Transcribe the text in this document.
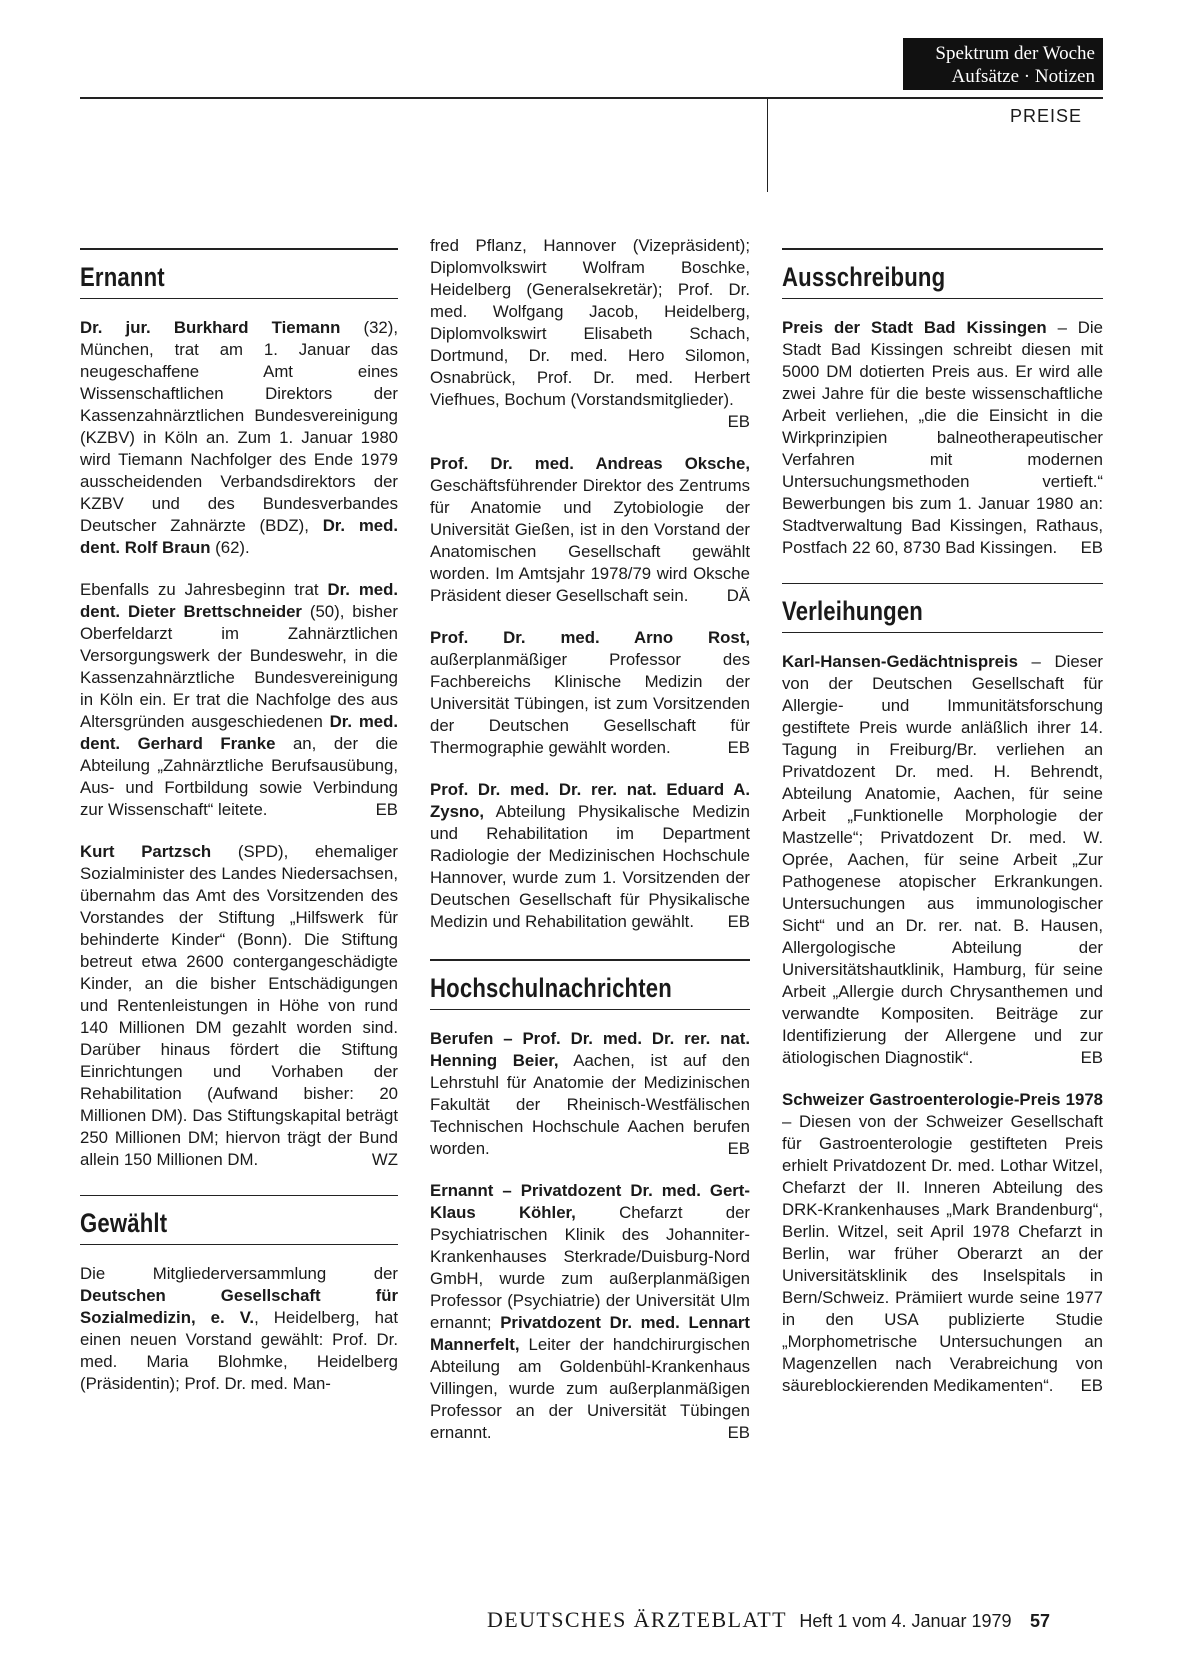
Spektrum der Woche
Aufsätze · Notizen
PREISE
Ernannt

Dr. jur. Burkhard Tiemann (32), München, trat am 1. Januar das neugeschaffene Amt eines Wissenschaftlichen Direktors der Kassenzahnärztlichen Bundesvereinigung (KZBV) in Köln an. Zum 1. Januar 1980 wird Tiemann Nachfolger des Ende 1979 ausscheidenden Verbandsdirektors der KZBV und des Bundesverbandes Deutscher Zahnärzte (BDZ), Dr. med. dent. Rolf Braun (62).

Ebenfalls zu Jahresbeginn trat Dr. med. dent. Dieter Brettschneider (50), bisher Oberfeldarzt im Zahnärztlichen Versorgungswerk der Bundeswehr, in die Kassenzahnärztliche Bundesvereinigung in Köln ein. Er trat die Nachfolge des aus Altersgründen ausgeschiedenen Dr. med. dent. Gerhard Franke an, der die Abteilung „Zahnärztliche Berufsausübung, Aus- und Fortbildung sowie Verbindung zur Wissenschaft“ leitete.	EB

Kurt Partzsch (SPD), ehemaliger Sozialminister des Landes Niedersachsen, übernahm das Amt des Vorsitzenden des Vorstandes der Stiftung „Hilfswerk für behinderte Kinder“ (Bonn). Die Stiftung betreut etwa 2600 contergangeschädigte Kinder, an die bisher Entschädigungen und Rentenleistungen in Höhe von rund 140 Millionen DM gezahlt worden sind. Darüber hinaus fördert die Stiftung Einrichtungen und Vorhaben der Rehabilitation (Aufwand bisher: 20 Millionen DM). Das Stiftungskapital beträgt 250 Millionen DM; hiervon trägt der Bund allein 150 Millionen DM.	WZ

Gewählt

Die Mitgliederversammlung der Deutschen Gesellschaft für Sozialmedizin, e. V., Heidelberg, hat einen neuen Vorstand gewählt: Prof. Dr. med. Maria Blohmke, Heidelberg (Präsidentin); Prof. Dr. med. Man-

fred Pflanz, Hannover (Vizepräsident); Diplomvolkswirt Wolfram Boschke, Heidelberg (Generalsekretär); Prof. Dr. med. Wolfgang Jacob, Heidelberg, Diplomvolkswirt Elisabeth Schach, Dortmund, Dr. med. Hero Silomon, Osnabrück, Prof. Dr. med. Herbert Viefhues, Bochum (Vorstandsmitglieder).
EB

Prof. Dr. med. Andreas Oksche, Geschäftsführender Direktor des Zentrums für Anatomie und Zytobiologie der Universität Gießen, ist in den Vorstand der Anatomischen Gesellschaft gewählt worden. Im Amtsjahr 1978/79 wird Oksche Präsident dieser Gesellschaft sein. DÄ

Prof. Dr. med. Arno Rost, außerplanmäßiger Professor des Fachbereichs Klinische Medizin der Universität Tübingen, ist zum Vorsitzenden der Deutschen Gesellschaft für Thermographie gewählt worden.	EB

Prof. Dr. med. Dr. rer. nat. Eduard A. Zysno, Abteilung Physikalische Medizin und Rehabilitation im Department Radiologie der Medizinischen Hochschule Hannover, wurde zum 1. Vorsitzenden der Deutschen Gesellschaft für Physikalische Medizin und Rehabilitation gewählt. EB

Hochschulnachrichten

Berufen – Prof. Dr. med. Dr. rer. nat. Henning Beier, Aachen, ist auf den Lehrstuhl für Anatomie der Medizinischen Fakultät der Rheinisch-Westfälischen Technischen Hochschule Aachen berufen worden.	EB

Ernannt – Privatdozent Dr. med. Gert-Klaus Köhler, Chefarzt der Psychiatrischen Klinik des Johanniter-Krankenhauses Sterkrade/Duisburg-Nord GmbH, wurde zum außerplanmäßigen Professor (Psychiatrie) der Universität Ulm ernannt; Privatdozent Dr. med. Lennart Mannerfelt, Leiter der handchirurgischen Abteilung am Goldenbühl-Krankenhaus Villingen, wurde zum außerplanmäßigen Professor an der Universität Tübingen ernannt.	EB

Ausschreibung

Preis der Stadt Bad Kissingen – Die Stadt Bad Kissingen schreibt diesen mit 5000 DM dotierten Preis aus. Er wird alle zwei Jahre für die beste wissenschaftliche Arbeit verliehen, „die die Einsicht in die Wirkprinzipien balneotherapeutischer Verfahren mit modernen Untersuchungsmethoden vertieft.“ Bewerbungen bis zum 1. Januar 1980 an: Stadtverwaltung Bad Kissingen, Rathaus, Postfach 22 60, 8730 Bad Kissingen. EB

Verleihungen

Karl-Hansen-Gedächtnispreis – Dieser von der Deutschen Gesellschaft für Allergie- und Immunitätsforschung gestiftete Preis wurde anläßlich ihrer 14. Tagung in Freiburg/Br. verliehen an Privatdozent Dr. med. H. Behrendt, Abteilung Anatomie, Aachen, für seine Arbeit „Funktionelle Morphologie der Mastzelle“; Privatdozent Dr. med. W. Oprée, Aachen, für seine Arbeit „Zur Pathogenese atopischer Erkrankungen. Untersuchungen aus immunologischer Sicht“ und an Dr. rer. nat. B. Hausen, Allergologische Abteilung der Universitätshautklinik, Hamburg, für seine Arbeit „Allergie durch Chrysanthemen und verwandte Kompositen. Beiträge zur Identifizierung der Allergene und zur ätiologischen Diagnostik“.	EB

Schweizer Gastroenterologie-Preis 1978 – Diesen von der Schweizer Gesellschaft für Gastroenterologie gestifteten Preis erhielt Privatdozent Dr. med. Lothar Witzel, Chefarzt der II. Inneren Abteilung des DRK-Krankenhauses „Mark Brandenburg“, Berlin. Witzel, seit April 1978 Chefarzt in Berlin, war früher Oberarzt an der Universitätsklinik des Inselspitals in Bern/Schweiz. Prämiiert wurde seine 1977 in den USA publizierte Studie „Morphometrische Untersuchungen an Magenzellen nach Verabreichung von säureblockierenden Medikamenten“. EB

DEUTSCHES ÄRZTEBLATT Heft 1 vom 4. Januar 1979 57
